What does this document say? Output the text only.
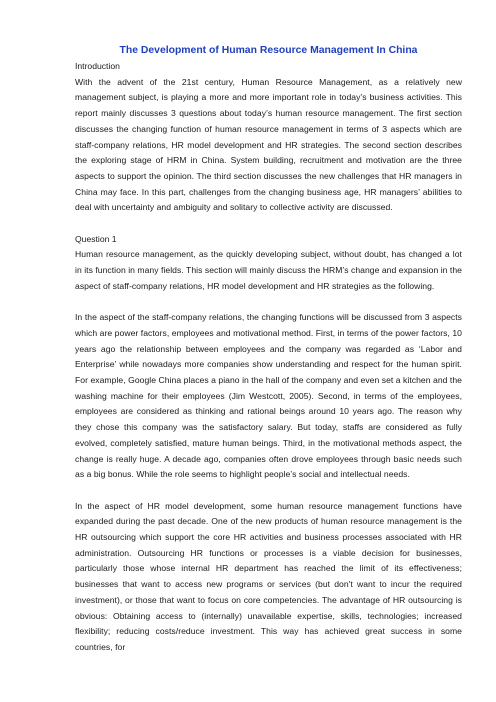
The Development of Human Resource Management In China

Introduction

With the advent of the 21st century, Human Resource Management, as a relatively new management subject, is playing a more and more important role in today’s business activities. This report mainly discusses 3 questions about today’s human resource management. The first section discusses the changing function of human resource management in terms of 3 aspects which are staff-company relations, HR model development and HR strategies. The second section describes the exploring stage of HRM in China. System building, recruitment and motivation are the three aspects to support the opinion. The third section discusses the new challenges that HR managers in China may face. In this part, challenges from the changing business age, HR managers’ abilities to deal with uncertainty and ambiguity and solitary to collective activity are discussed.

Question 1

Human resource management, as the quickly developing subject, without doubt, has changed a lot in its function in many fields. This section will mainly discuss the HRM’s change and expansion in the aspect of staff-company relations, HR model development and HR strategies as the following.

In the aspect of the staff-company relations, the changing functions will be discussed from 3 aspects which are power factors, employees and motivational method. First, in terms of the power factors, 10 years ago the relationship between employees and the company was regarded as ‘Labor and Enterprise’ while nowadays more companies show understanding and respect for the human spirit. For example, Google China places a piano in the hall of the company and even set a kitchen and the washing machine for their employees (Jim Westcott, 2005). Second, in terms of the employees, employees are considered as thinking and rational beings around 10 years ago. The reason why they chose this company was the satisfactory salary. But today, staffs are considered as fully evolved, completely satisfied, mature human beings. Third, in the motivational methods aspect, the change is really huge. A decade ago, companies often drove employees through basic needs such as a big bonus. While the role seems to highlight people’s social and intellectual needs.

In the aspect of HR model development, some human resource management functions have expanded during the past decade. One of the new products of human resource management is the HR outsourcing which support the core HR activities and business processes associated with HR administration. Outsourcing HR functions or processes is a viable decision for businesses, particularly those whose internal HR department has reached the limit of its effectiveness; businesses that want to access new programs or services (but don't want to incur the required investment), or those that want to focus on core competencies. The advantage of HR outsourcing is obvious: Obtaining access to (internally) unavailable expertise, skills, technologies; increased flexibility; reducing costs/reduce investment. This way has achieved great success in some countries, for
